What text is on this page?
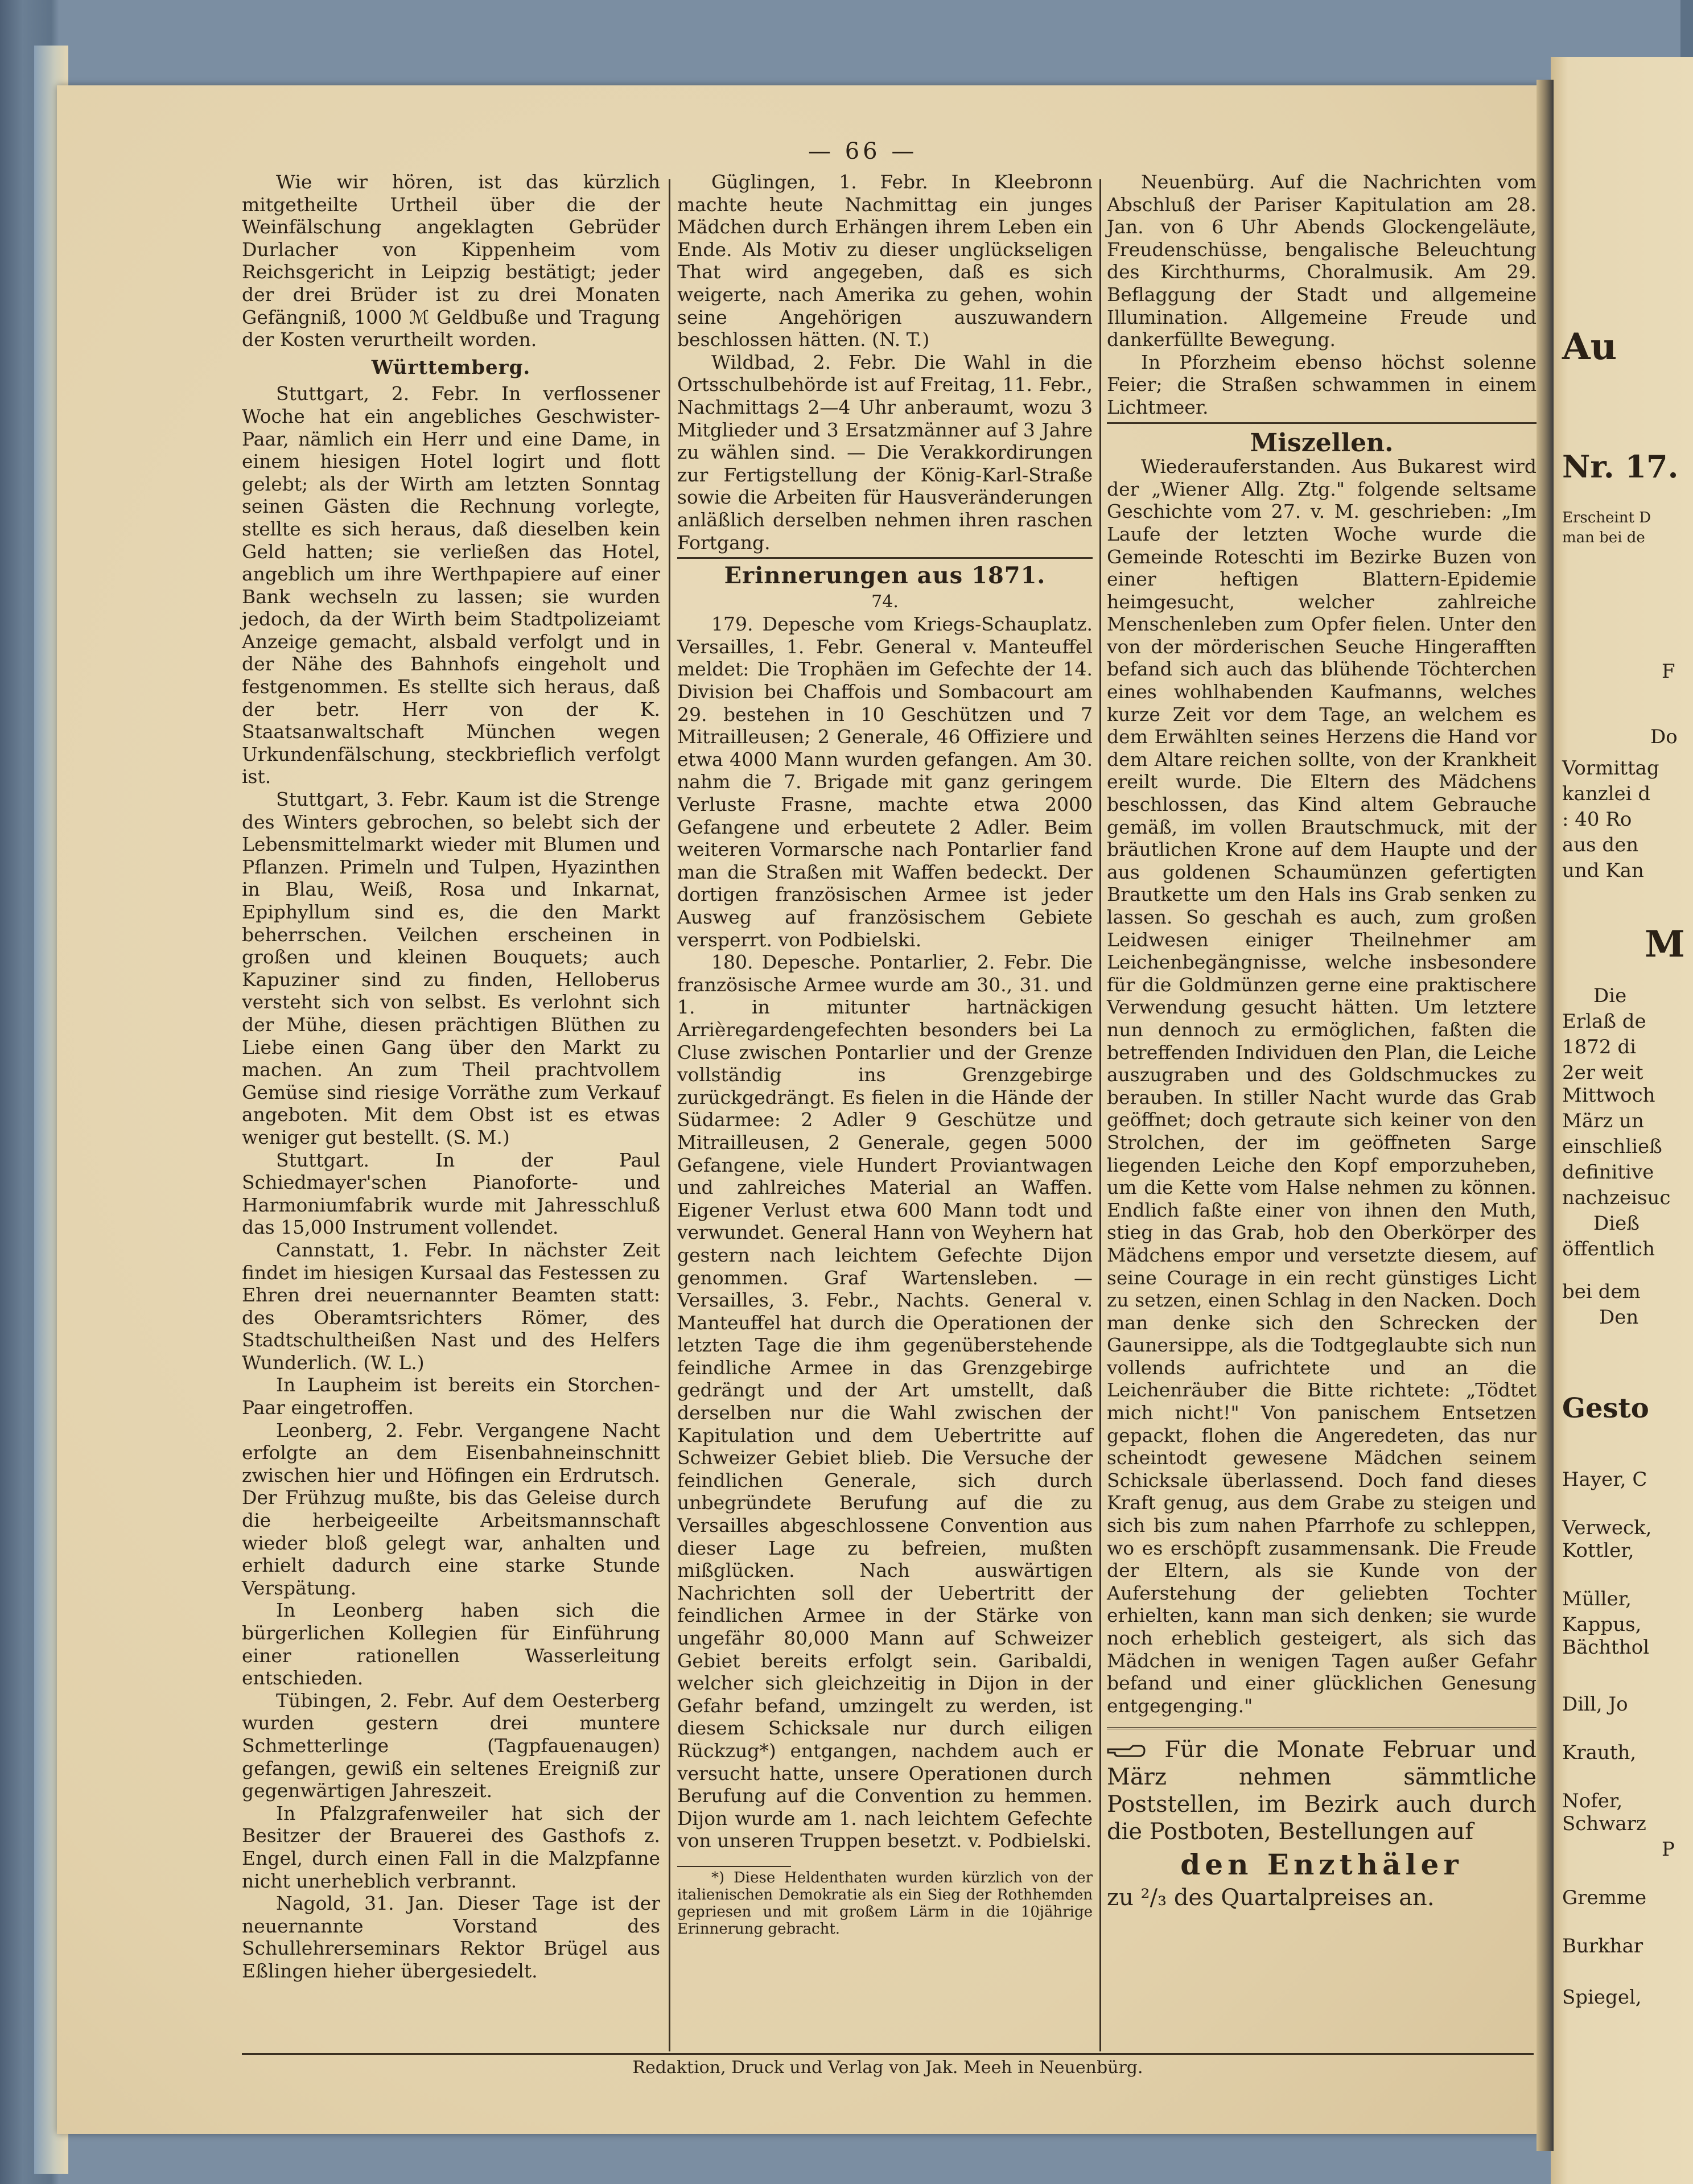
— 66 —

Wie wir hören, ist das kürzlich mitgetheilte Urtheil über die der Weinfälschung angeklagten Gebrüder Durlacher von Kippenheim vom Reichsgericht in Leipzig bestätigt; jeder der drei Brüder ist zu drei Monaten Gefängniß, 1000 ℳ Geldbuße und Tragung der Kosten verurtheilt worden.

Württemberg.

Stuttgart, 2. Febr. In verflossener Woche hat ein angebliches Geschwister-Paar, nämlich ein Herr und eine Dame, in einem hiesigen Hotel logirt und flott gelebt; als der Wirth am letzten Sonntag seinen Gästen die Rechnung vorlegte, stellte es sich heraus, daß dieselben kein Geld hatten; sie verließen das Hotel, angeblich um ihre Werthpapiere auf einer Bank wechseln zu lassen; sie wurden jedoch, da der Wirth beim Stadtpolizeiamt Anzeige gemacht, alsbald verfolgt und in der Nähe des Bahnhofs eingeholt und festgenommen. Es stellte sich heraus, daß der betr. Herr von der K. Staatsanwaltschaft München wegen Urkundenfälschung, steckbrieflich verfolgt ist.

Stuttgart, 3. Febr. Kaum ist die Strenge des Winters gebrochen, so belebt sich der Lebensmittelmarkt wieder mit Blumen und Pflanzen. Primeln und Tulpen, Hyazinthen in Blau, Weiß, Rosa und Inkarnat, Epiphyllum sind es, die den Markt beherrschen. Veilchen erscheinen in großen und kleinen Bouquets; auch Kapuziner sind zu finden, Helloberus versteht sich von selbst. Es verlohnt sich der Mühe, diesen prächtigen Blüthen zu Liebe einen Gang über den Markt zu machen. An zum Theil prachtvollem Gemüse sind riesige Vorräthe zum Verkauf angeboten. Mit dem Obst ist es etwas weniger gut bestellt. (S. M.)

Stuttgart. In der Paul Schiedmayer'schen Pianoforte- und Harmoniumfabrik wurde mit Jahresschluß das 15,000 Instrument vollendet.

Cannstatt, 1. Febr. In nächster Zeit findet im hiesigen Kursaal das Festessen zu Ehren drei neuernannter Beamten statt: des Oberamtsrichters Römer, des Stadtschultheißen Nast und des Helfers Wunderlich. (W. L.)

In Laupheim ist bereits ein Storchen-Paar eingetroffen.

Leonberg, 2. Febr. Vergangene Nacht erfolgte an dem Eisenbahneinschnitt zwischen hier und Höfingen ein Erdrutsch. Der Frühzug mußte, bis das Geleise durch die herbeigeeilte Arbeitsmannschaft wieder bloß gelegt war, anhalten und erhielt dadurch eine starke Stunde Verspätung.

In Leonberg haben sich die bürgerlichen Kollegien für Einführung einer rationellen Wasserleitung entschieden.

Tübingen, 2. Febr. Auf dem Oesterberg wurden gestern drei muntere Schmetterlinge (Tagpfauenaugen) gefangen, gewiß ein seltenes Ereigniß zur gegenwärtigen Jahreszeit.

In Pfalzgrafenweiler hat sich der Besitzer der Brauerei des Gasthofs z. Engel, durch einen Fall in die Malzpfanne nicht unerheblich verbrannt.

Nagold, 31. Jan. Dieser Tage ist der neuernannte Vorstand des Schullehrerseminars Rektor Brügel aus Eßlingen hieher übergesiedelt.

Güglingen, 1. Febr. In Kleebronn machte heute Nachmittag ein junges Mädchen durch Erhängen ihrem Leben ein Ende. Als Motiv zu dieser unglückseligen That wird angegeben, daß es sich weigerte, nach Amerika zu gehen, wohin seine Angehörigen auszuwandern beschlossen hätten. (N. T.)

Wildbad, 2. Febr. Die Wahl in die Ortsschulbehörde ist auf Freitag, 11. Febr., Nachmittags 2—4 Uhr anberaumt, wozu 3 Mitglieder und 3 Ersatzmänner auf 3 Jahre zu wählen sind. — Die Verakkordirungen zur Fertigstellung der König-Karl-Straße sowie die Arbeiten für Hausveränderungen anläßlich derselben nehmen ihren raschen Fortgang.

Erinnerungen aus 1871.

74.

179. Depesche vom Kriegs-Schauplatz. Versailles, 1. Febr. General v. Manteuffel meldet: Die Trophäen im Gefechte der 14. Division bei Chaffois und Sombacourt am 29. bestehen in 10 Geschützen und 7 Mitrailleusen; 2 Generale, 46 Offiziere und etwa 4000 Mann wurden gefangen. Am 30. nahm die 7. Brigade mit ganz geringem Verluste Frasne, machte etwa 2000 Gefangene und erbeutete 2 Adler. Beim weiteren Vormarsche nach Pontarlier fand man die Straßen mit Waffen bedeckt. Der dortigen französischen Armee ist jeder Ausweg auf französischem Gebiete versperrt. von Podbielski.

180. Depesche. Pontarlier, 2. Febr. Die französische Armee wurde am 30., 31. und 1. in mitunter hartnäckigen Arrièregardengefechten besonders bei La Cluse zwischen Pontarlier und der Grenze vollständig ins Grenzgebirge zurückgedrängt. Es fielen in die Hände der Südarmee: 2 Adler 9 Geschütze und Mitrailleusen, 2 Generale, gegen 5000 Gefangene, viele Hundert Proviantwagen und zahlreiches Material an Waffen. Eigener Verlust etwa 600 Mann todt und verwundet. General Hann von Weyhern hat gestern nach leichtem Gefechte Dijon genommen. Graf Wartensleben. — Versailles, 3. Febr., Nachts. General v. Manteuffel hat durch die Operationen der letzten Tage die ihm gegenüberstehende feindliche Armee in das Grenzgebirge gedrängt und der Art umstellt, daß derselben nur die Wahl zwischen der Kapitulation und dem Uebertritte auf Schweizer Gebiet blieb. Die Versuche der feindlichen Generale, sich durch unbegründete Berufung auf die zu Versailles abgeschlossene Convention aus dieser Lage zu befreien, mußten mißglücken. Nach auswärtigen Nachrichten soll der Uebertritt der feindlichen Armee in der Stärke von ungefähr 80,000 Mann auf Schweizer Gebiet bereits erfolgt sein. Garibaldi, welcher sich gleichzeitig in Dijon in der Gefahr befand, umzingelt zu werden, ist diesem Schicksale nur durch eiligen Rückzug*) entgangen, nachdem auch er versucht hatte, unsere Operationen durch Berufung auf die Convention zu hemmen. Dijon wurde am 1. nach leichtem Gefechte von unseren Truppen besetzt. v. Podbielski.

*) Diese Heldenthaten wurden kürzlich von der italienischen Demokratie als ein Sieg der Rothhemden gepriesen und mit großem Lärm in die 10jährige Erinnerung gebracht.

Neuenbürg. Auf die Nachrichten vom Abschluß der Pariser Kapitulation am 28. Jan. von 6 Uhr Abends Glockengeläute, Freudenschüsse, bengalische Beleuchtung des Kirchthurms, Choralmusik. Am 29. Beflaggung der Stadt und allgemeine Illumination. Allgemeine Freude und dankerfüllte Bewegung.

In Pforzheim ebenso höchst solenne Feier; die Straßen schwammen in einem Lichtmeer.

Miszellen.

Wiederauferstanden. Aus Bukarest wird der „Wiener Allg. Ztg." folgende seltsame Geschichte vom 27. v. M. geschrieben: „Im Laufe der letzten Woche wurde die Gemeinde Roteschti im Bezirke Buzen von einer heftigen Blattern-Epidemie heimgesucht, welcher zahlreiche Menschenleben zum Opfer fielen. Unter den von der mörderischen Seuche Hingerafften befand sich auch das blühende Töchterchen eines wohlhabenden Kaufmanns, welches kurze Zeit vor dem Tage, an welchem es dem Erwählten seines Herzens die Hand vor dem Altare reichen sollte, von der Krankheit ereilt wurde. Die Eltern des Mädchens beschlossen, das Kind altem Gebrauche gemäß, im vollen Brautschmuck, mit der bräutlichen Krone auf dem Haupte und der aus goldenen Schaumünzen gefertigten Brautkette um den Hals ins Grab senken zu lassen. So geschah es auch, zum großen Leidwesen einiger Theilnehmer am Leichenbegängnisse, welche insbesondere für die Goldmünzen gerne eine praktischere Verwendung gesucht hätten. Um letztere nun dennoch zu ermöglichen, faßten die betreffenden Individuen den Plan, die Leiche auszugraben und des Goldschmuckes zu berauben. In stiller Nacht wurde das Grab geöffnet; doch getraute sich keiner von den Strolchen, der im geöffneten Sarge liegenden Leiche den Kopf emporzuheben, um die Kette vom Halse nehmen zu können. Endlich faßte einer von ihnen den Muth, stieg in das Grab, hob den Oberkörper des Mädchens empor und versetzte diesem, auf seine Courage in ein recht günstiges Licht zu setzen, einen Schlag in den Nacken. Doch man denke sich den Schrecken der Gaunersippe, als die Todtgeglaubte sich nun vollends aufrichtete und an die Leichenräuber die Bitte richtete: „Tödtet mich nicht!" Von panischem Entsetzen gepackt, flohen die Angeredeten, das nur scheintodt gewesene Mädchen seinem Schicksale überlassend. Doch fand dieses Kraft genug, aus dem Grabe zu steigen und sich bis zum nahen Pfarrhofe zu schleppen, wo es erschöpft zusammensank. Die Freude der Eltern, als sie Kunde von der Auferstehung der geliebten Tochter erhielten, kann man sich denken; sie wurde noch erheblich gesteigert, als sich das Mädchen in wenigen Tagen außer Gefahr befand und einer glücklichen Genesung entgegenging."

Für die Monate Februar und März nehmen sämmtliche Poststellen, im Bezirk auch durch die Postboten, Bestellungen auf
den Enzthäler
zu ²/₃ des Quartalpreises an.
Redaktion, Druck und Verlag von Jak. Meeh in Neuenbürg.
Au
Nr. 17.
Erscheint D
man bei de
F
Do
Vormittag
kanzlei d
: 40 Ro
aus den
und Kan
M
Die
Erlaß de
1872 di
2er weit
Mittwoch
März un
einschließ
definitive
nachzeisuc
Dieß
öffentlich
bei dem
Den
Gesto
Hayer, C
Verweck,
Kottler,
Müller,
Kappus,
Bächthol
Dill, Jo
Krauth,
Nofer,
Schwarz
P
Gremme
Burkhar
Spiegel,
